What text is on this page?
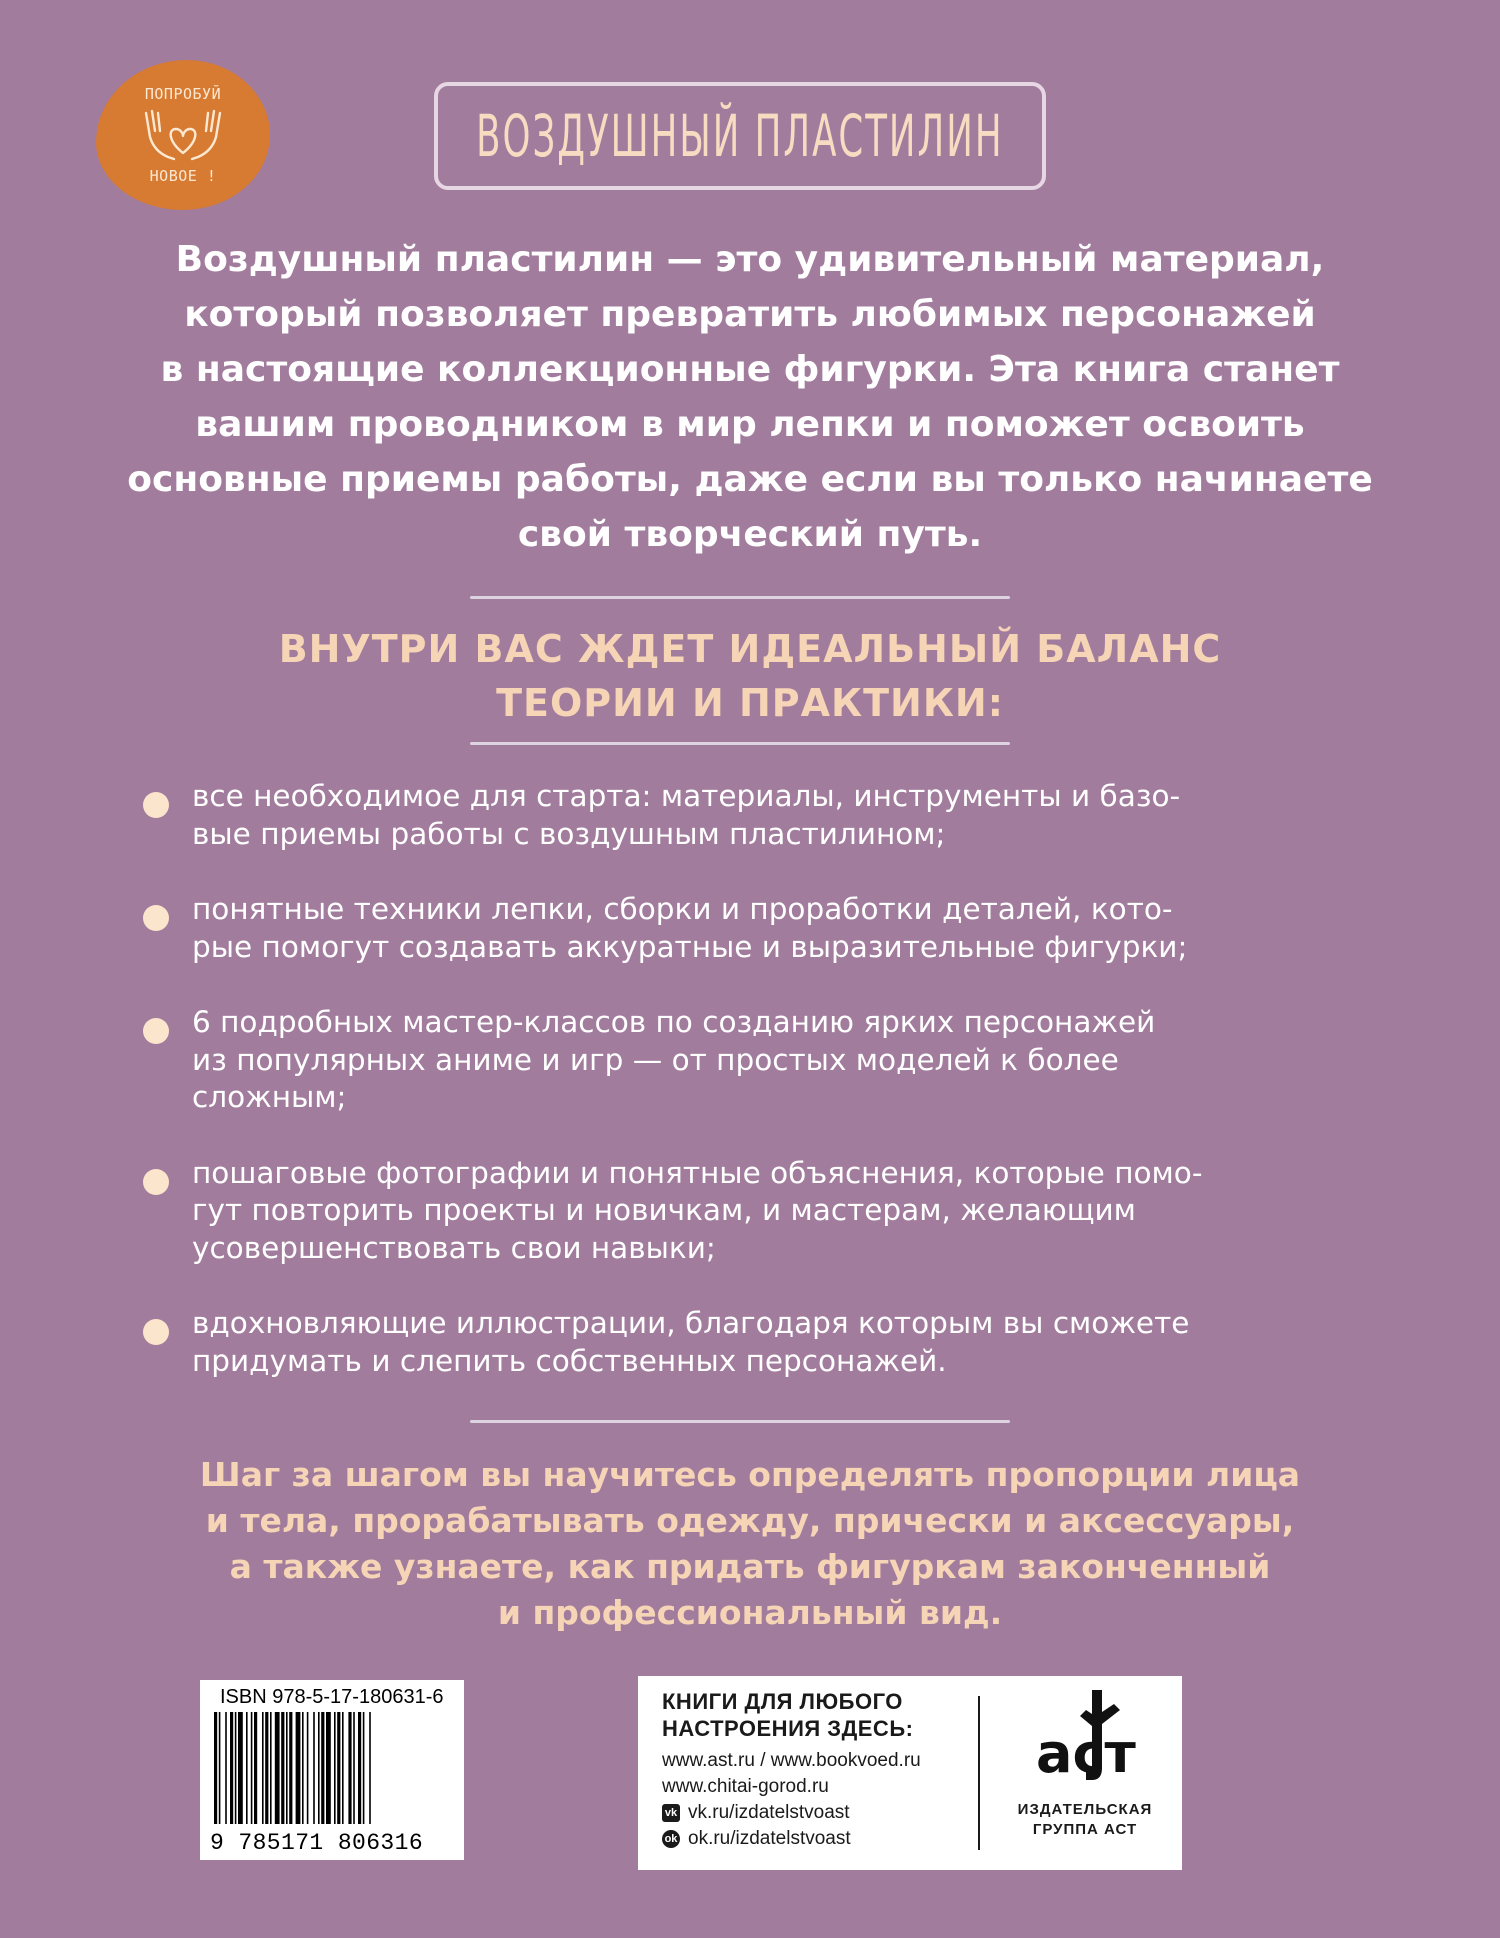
ПОПРОБУЙ
НОВОЕ !
ВОЗДУШНЫЙ ПЛАСТИЛИН
Воздушный пластилин — это удивительный материал,
который позволяет превратить любимых персонажей
в настоящие коллекционные фигурки. Эта книга станет
вашим проводником в мир лепки и поможет освоить
основные приемы работы, даже если вы только начинаете
свой творческий путь.
ВНУТРИ ВАС ЖДЕТ ИДЕАЛЬНЫЙ БАЛАНС
ТЕОРИИ И ПРАКТИКИ:
все необходимое для старта: материалы, инструменты и базо-
вые приемы работы с воздушным пластилином;
понятные техники лепки, сборки и проработки деталей, кото-
рые помогут создавать аккуратные и выразительные фигурки;
6 подробных мастер-классов по созданию ярких персонажей
из популярных аниме и игр — от простых моделей к более
сложным;
пошаговые фотографии и понятные объяснения, которые помо-
гут повторить проекты и новичкам, и мастерам, желающим
усовершенствовать свои навыки;
вдохновляющие иллюстрации, благодаря которым вы сможете
придумать и слепить собственных персонажей.
Шаг за шагом вы научитесь определять пропорции лица
и тела, прорабатывать одежду, прически и аксессуары,
а также узнаете, как придать фигуркам законченный
и профессиональный вид.
ISBN 978-5-17-180631-6
9 785171 806316
КНИГИ ДЛЯ ЛЮБОГО
НАСТРОЕНИЯ ЗДЕСЬ:
www.ast.ru / www.bookvoed.ru
www.chitai-gorod.ru
vk vk.ru/izdatelstvoast
ok ok.ru/izdatelstvoast
аст
ИЗДАТЕЛЬСКАЯ
ГРУППА АСТ
